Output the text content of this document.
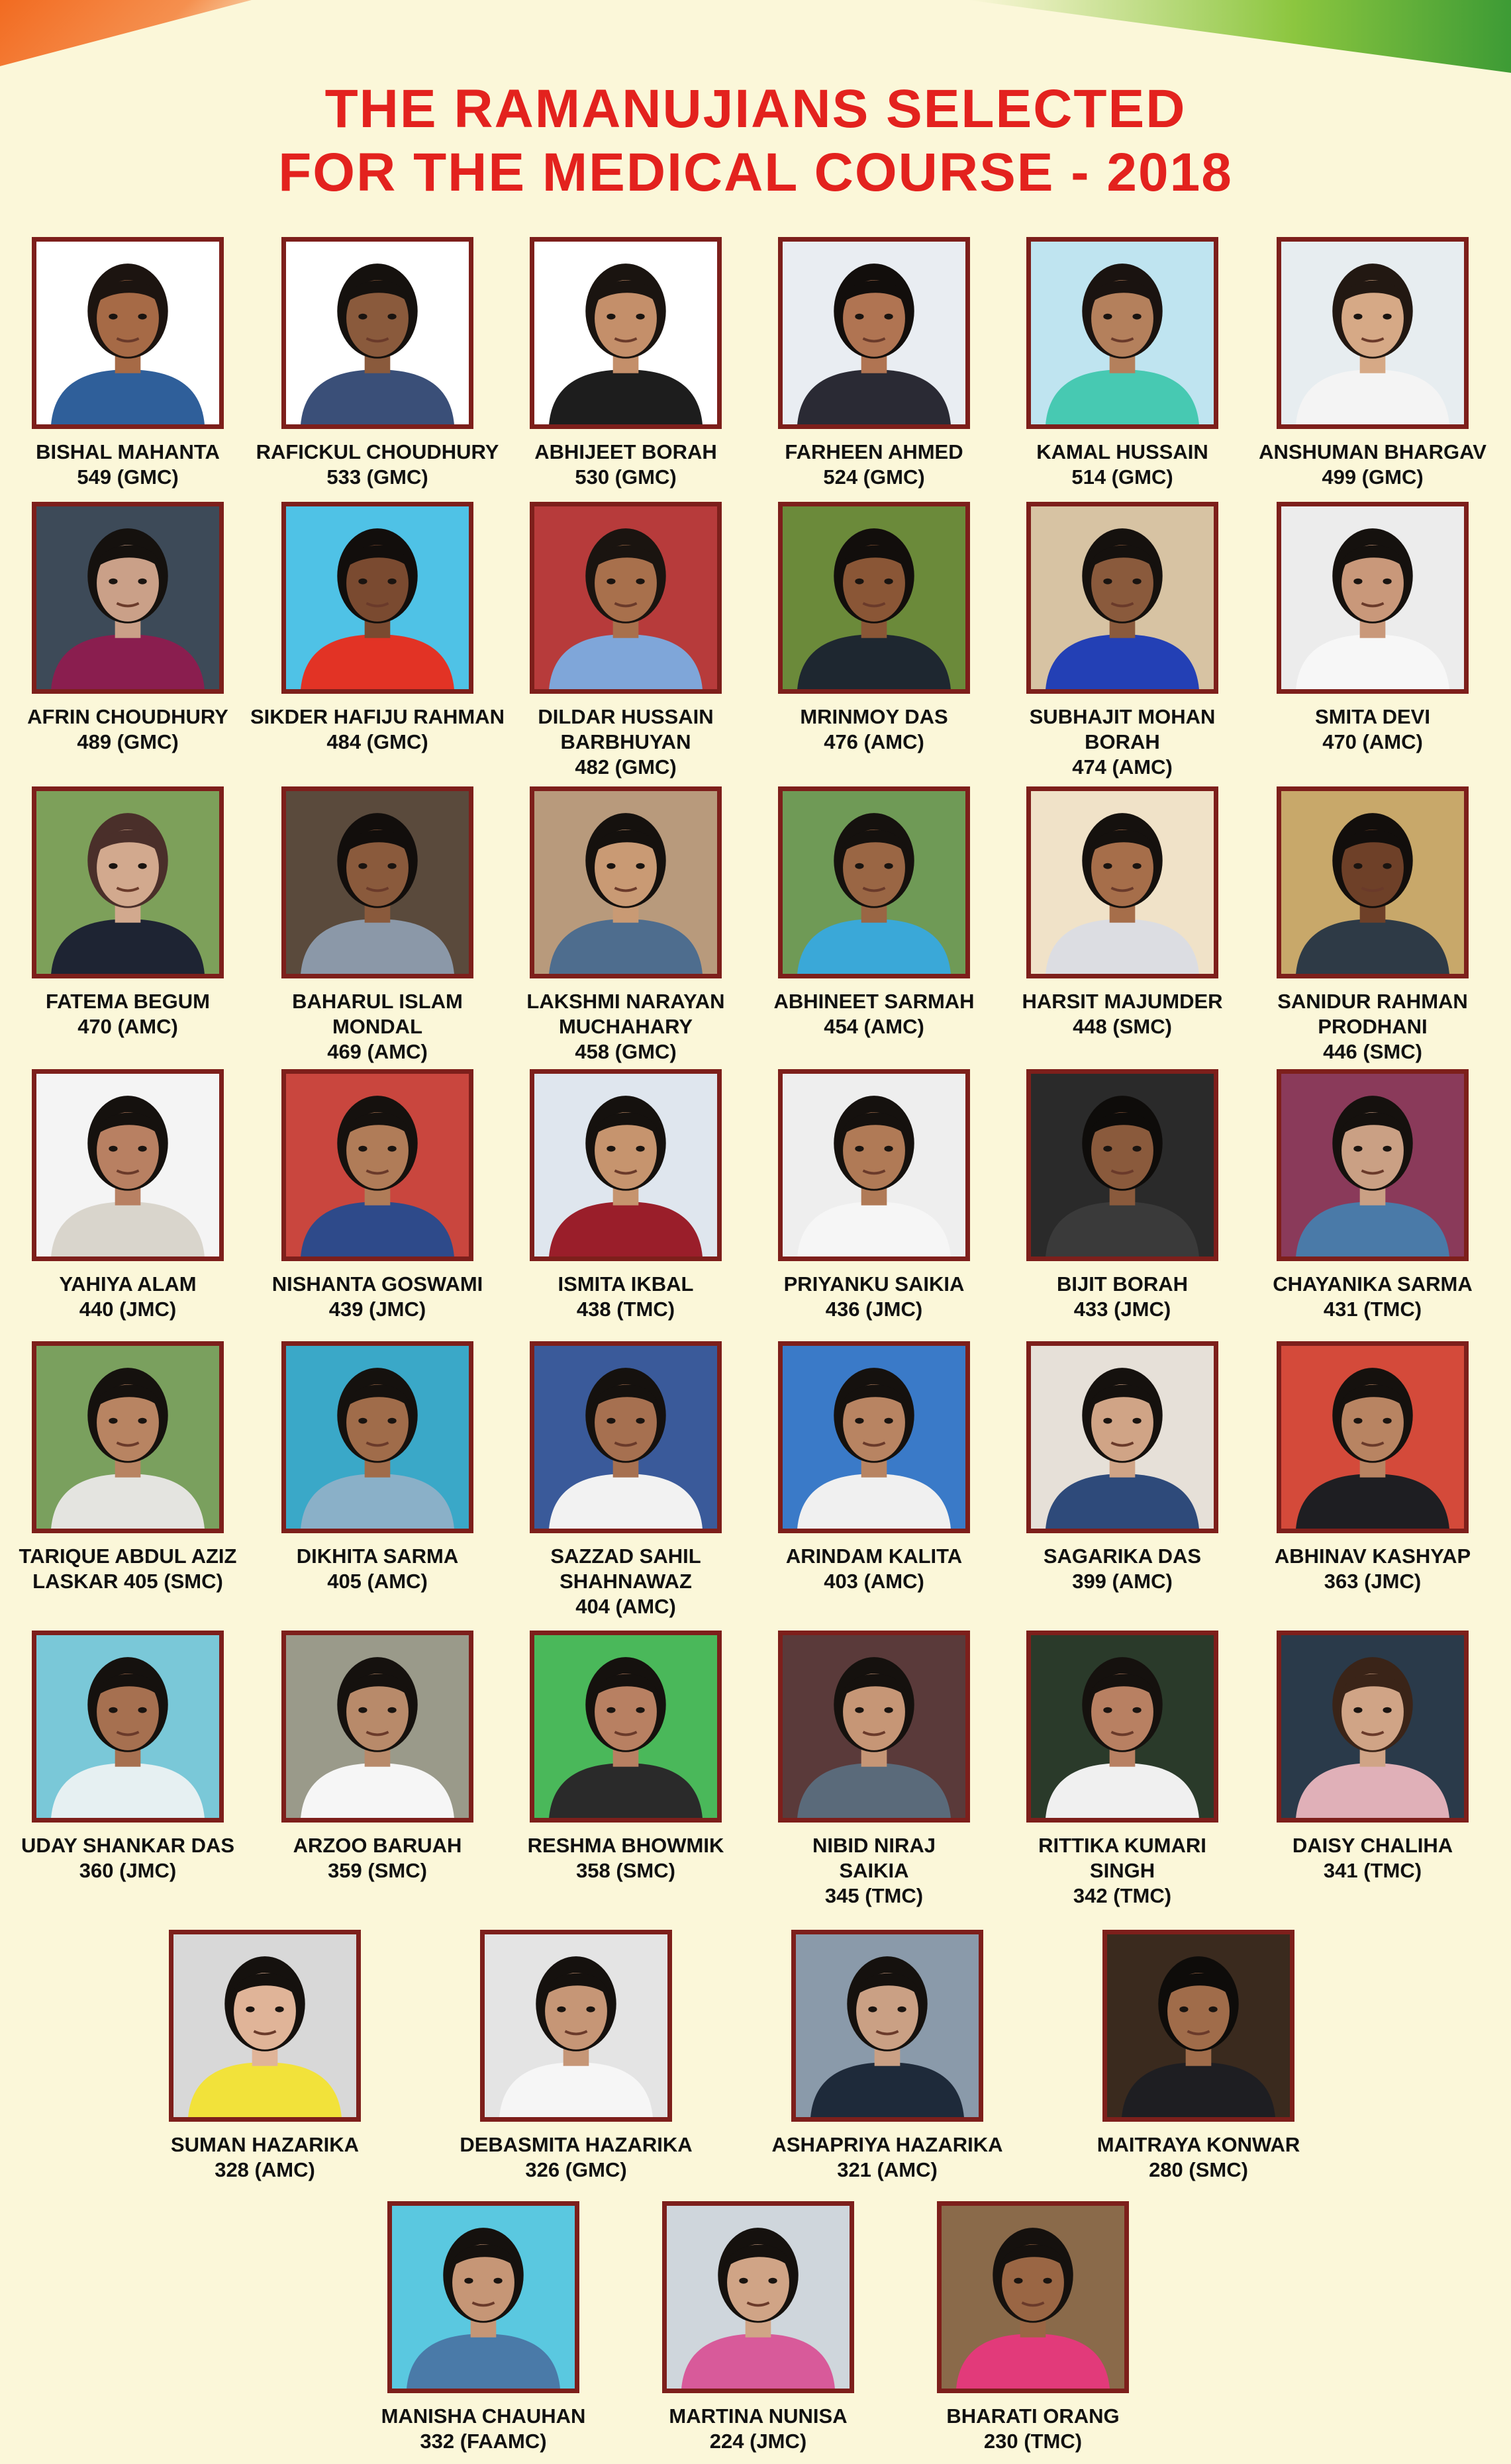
THE RAMANUJIANS SELECTED
FOR THE MEDICAL COURSE - 2018
BISHAL MAHANTA
549 (GMC)
RAFICKUL CHOUDHURY
533 (GMC)
ABHIJEET BORAH
530 (GMC)
FARHEEN AHMED
524 (GMC)
KAMAL HUSSAIN
514 (GMC)
ANSHUMAN BHARGAV
499 (GMC)
AFRIN CHOUDHURY
489 (GMC)
SIKDER HAFIJU RAHMAN
484 (GMC)
DILDAR HUSSAIN
BARBHUYAN
482 (GMC)
MRINMOY DAS
476 (AMC)
SUBHAJIT MOHAN
BORAH
474 (AMC)
SMITA DEVI
470 (AMC)
FATEMA BEGUM
470 (AMC)
BAHARUL ISLAM
MONDAL
469 (AMC)
LAKSHMI NARAYAN
MUCHAHARY
458 (GMC)
ABHINEET SARMAH
454 (AMC)
HARSIT MAJUMDER
448 (SMC)
SANIDUR RAHMAN
PRODHANI
446 (SMC)
YAHIYA ALAM
440 (JMC)
NISHANTA GOSWAMI
439 (JMC)
ISMITA IKBAL
438 (TMC)
PRIYANKU SAIKIA
436 (JMC)
BIJIT BORAH
433 (JMC)
CHAYANIKA SARMA
431 (TMC)
TARIQUE ABDUL AZIZ
LASKAR 405 (SMC)
DIKHITA SARMA
405 (AMC)
SAZZAD SAHIL
SHAHNAWAZ
404 (AMC)
ARINDAM KALITA
403 (AMC)
SAGARIKA DAS
399 (AMC)
ABHINAV KASHYAP
363 (JMC)
UDAY SHANKAR DAS
360 (JMC)
ARZOO BARUAH
359 (SMC)
RESHMA BHOWMIK
358 (SMC)
NIBID NIRAJ
SAIKIA
345 (TMC)
RITTIKA KUMARI
SINGH
342 (TMC)
DAISY CHALIHA
341 (TMC)
SUMAN HAZARIKA
328 (AMC)
DEBASMITA HAZARIKA
326 (GMC)
ASHAPRIYA HAZARIKA
321 (AMC)
MAITRAYA KONWAR
280 (SMC)
MANISHA CHAUHAN
332 (FAAMC)
MARTINA NUNISA
224 (JMC)
BHARATI ORANG
230 (TMC)
